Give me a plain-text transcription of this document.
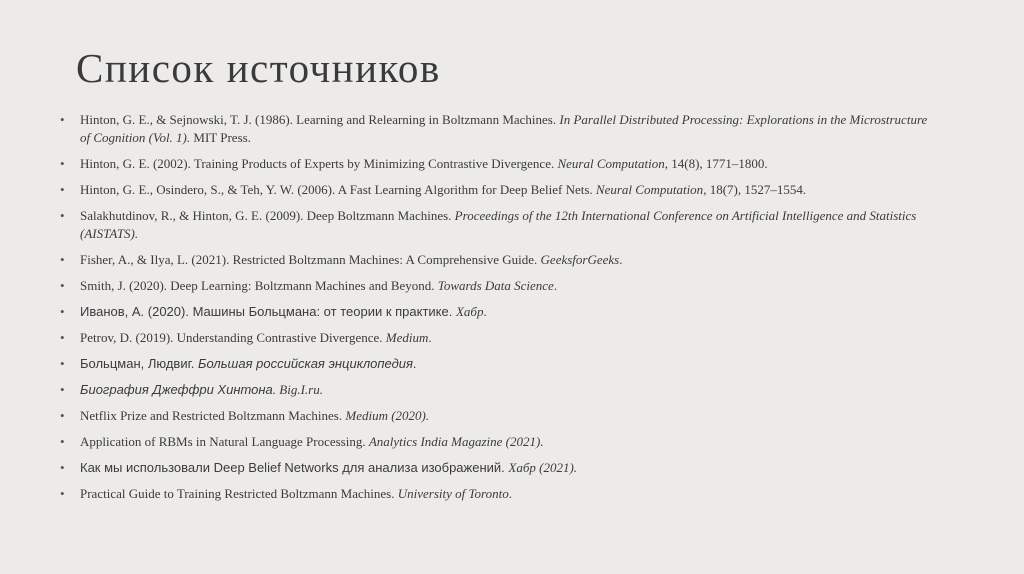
Список источников
• Hinton, G. E., & Sejnowski, T. J. (1986). Learning and Relearning in Boltzmann Machines. In Parallel Distributed Processing: Explorations in the Microstructure of Cognition (Vol. 1). MIT Press.
• Hinton, G. E. (2002). Training Products of Experts by Minimizing Contrastive Divergence. Neural Computation, 14(8), 1771–1800.
• Hinton, G. E., Osindero, S., & Teh, Y. W. (2006). A Fast Learning Algorithm for Deep Belief Nets. Neural Computation, 18(7), 1527–1554.
• Salakhutdinov, R., & Hinton, G. E. (2009). Deep Boltzmann Machines. Proceedings of the 12th International Conference on Artificial Intelligence and Statistics (AISTATS).
• Fisher, A., & Ilya, L. (2021). Restricted Boltzmann Machines: A Comprehensive Guide. GeeksforGeeks.
• Smith, J. (2020). Deep Learning: Boltzmann Machines and Beyond. Towards Data Science.
• Иванов, А. (2020). Машины Больцмана: от теории к практике. Хабр.
• Petrov, D. (2019). Understanding Contrastive Divergence. Medium.
• Больцман, Людвиг. Большая российская энциклопедия.
• Биография Джеффри Хинтона. Big.I.ru.
• Netflix Prize and Restricted Boltzmann Machines. Medium (2020).
• Application of RBMs in Natural Language Processing. Analytics India Magazine (2021).
• Как мы использовали Deep Belief Networks для анализа изображений. Хабр (2021).
• Practical Guide to Training Restricted Boltzmann Machines. University of Toronto.
